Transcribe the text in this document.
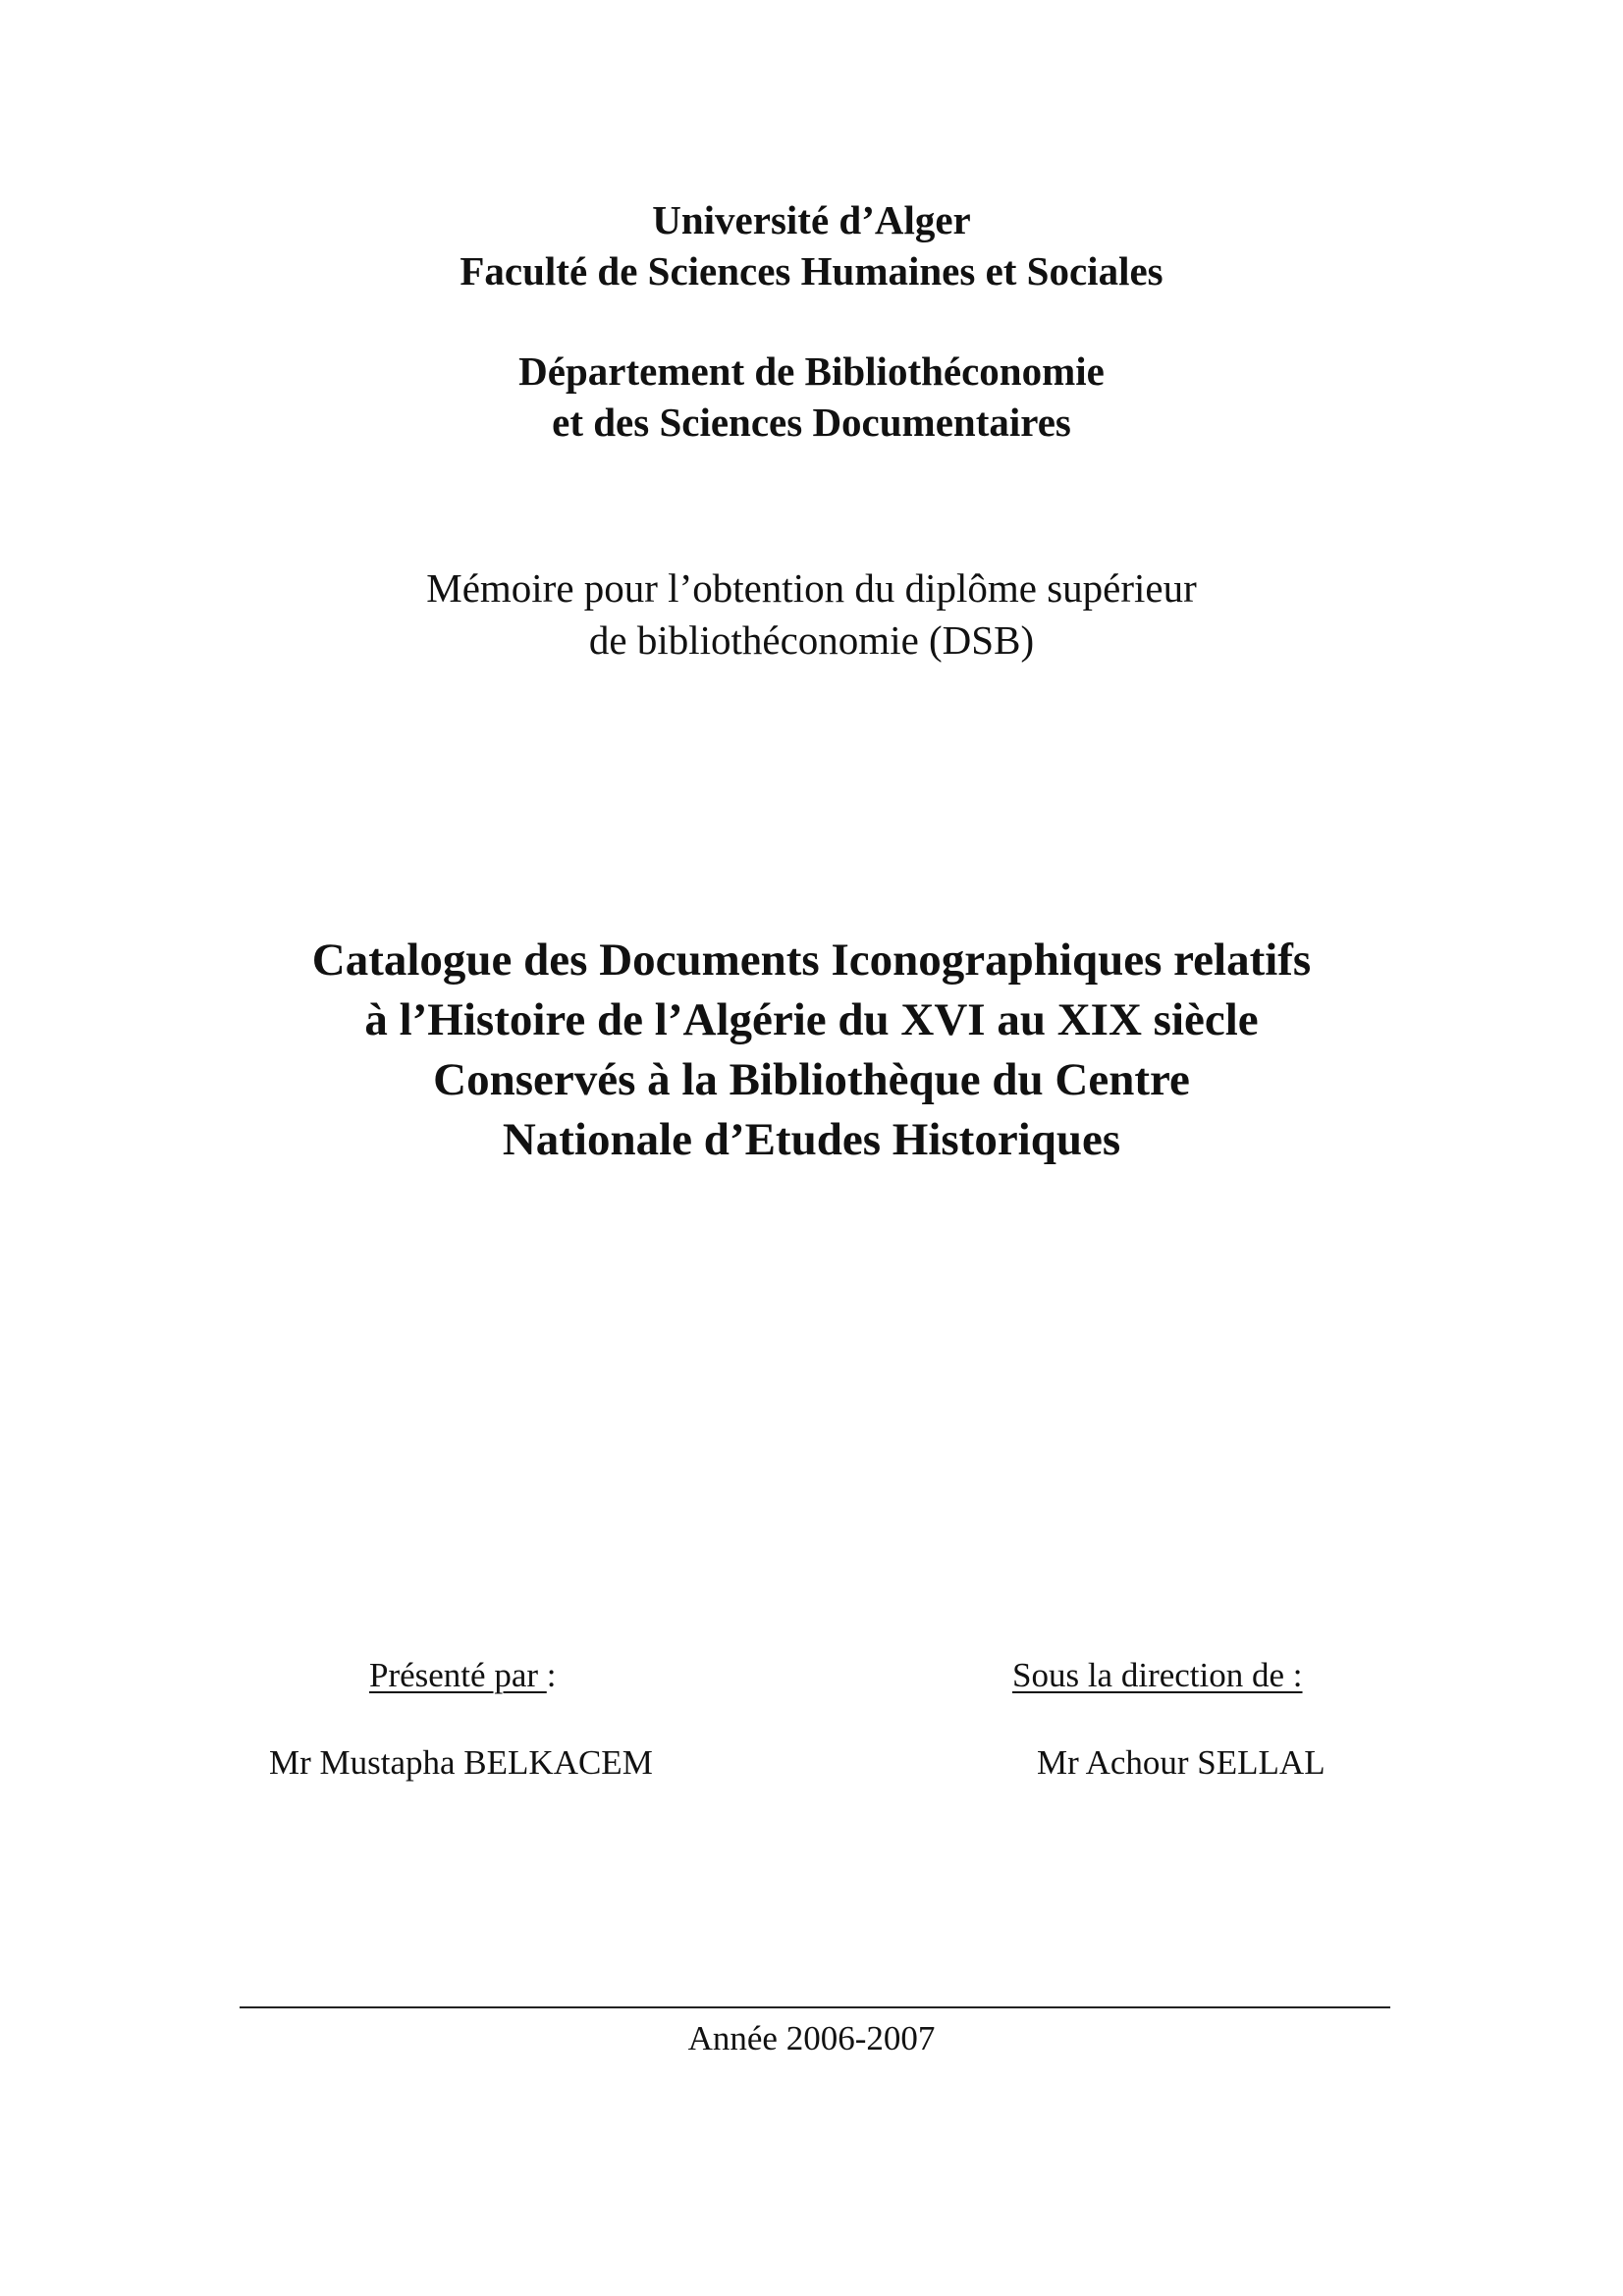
Université d’Alger
Faculté de Sciences Humaines et Sociales
Département de Bibliothéconomie
et des Sciences Documentaires
Mémoire pour l’obtention du diplôme supérieur
de bibliothéconomie (DSB)
Catalogue des Documents Iconographiques relatifs
à l’Histoire de l’Algérie du XVI au XIX siècle
Conservés à la Bibliothèque du Centre
Nationale d’Etudes Historiques
Présenté par :
Mr Mustapha BELKACEM
Sous la direction de :
Mr Achour SELLAL
Année 2006-2007
